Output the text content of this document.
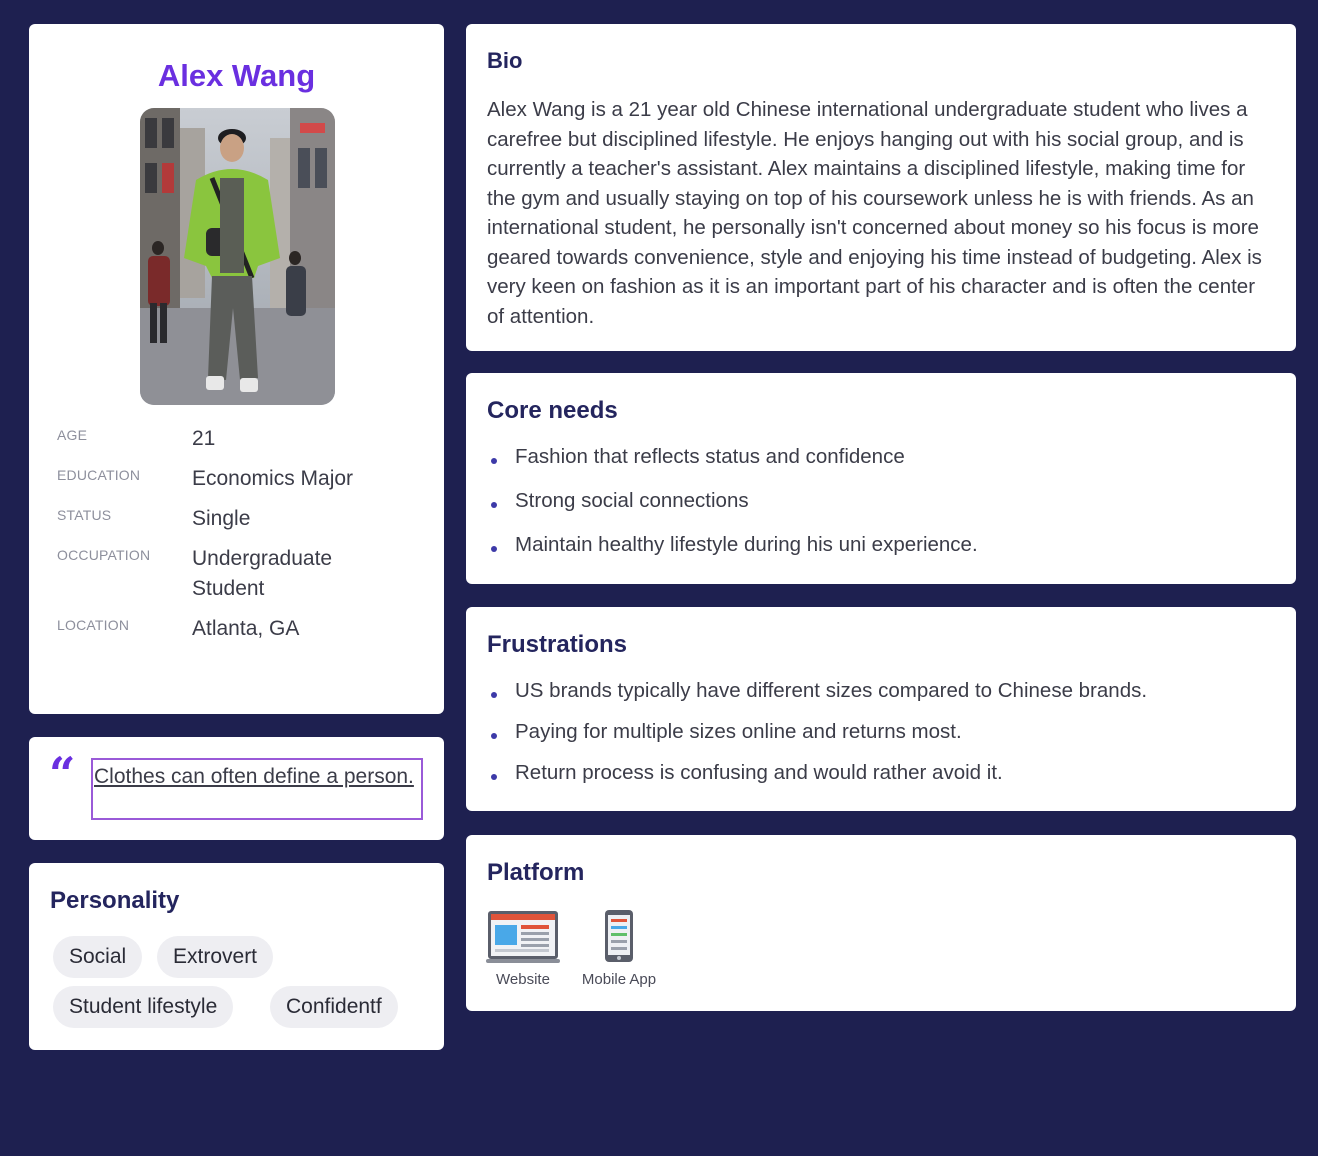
Alex Wang
AGE	21
EDUCATION Economics Major
STATUS	Single
OCCUPATION Undergraduate Student
LOCATION	Atlanta, GA
“ Clothes can often define a person.
Personality
Social	Extrovert
Student lifestyle	Confidentf
Bio
Alex Wang is a 21 year old Chinese international undergraduate student who lives a carefree but disciplined lifestyle. He enjoys hanging out with his social group, and is currently a teacher's assistant. Alex maintains a disciplined lifestyle, making time for the gym and usually staying on top of his coursework unless he is with friends. As an international student, he personally isn't concerned about money so his focus is more geared towards convenience, style and enjoying his time instead of budgeting. Alex is very keen on fashion as it is an important part of his character and is often the center of attention.
Core needs
Fashion that reflects status and confidence
Strong social connections
Maintain healthy lifestyle during his uni experience.
Frustrations
US brands typically have different sizes compared to Chinese brands.
Paying for multiple sizes online and returns most.
Return process is confusing and would rather avoid it.
Platform
Website	Mobile App
